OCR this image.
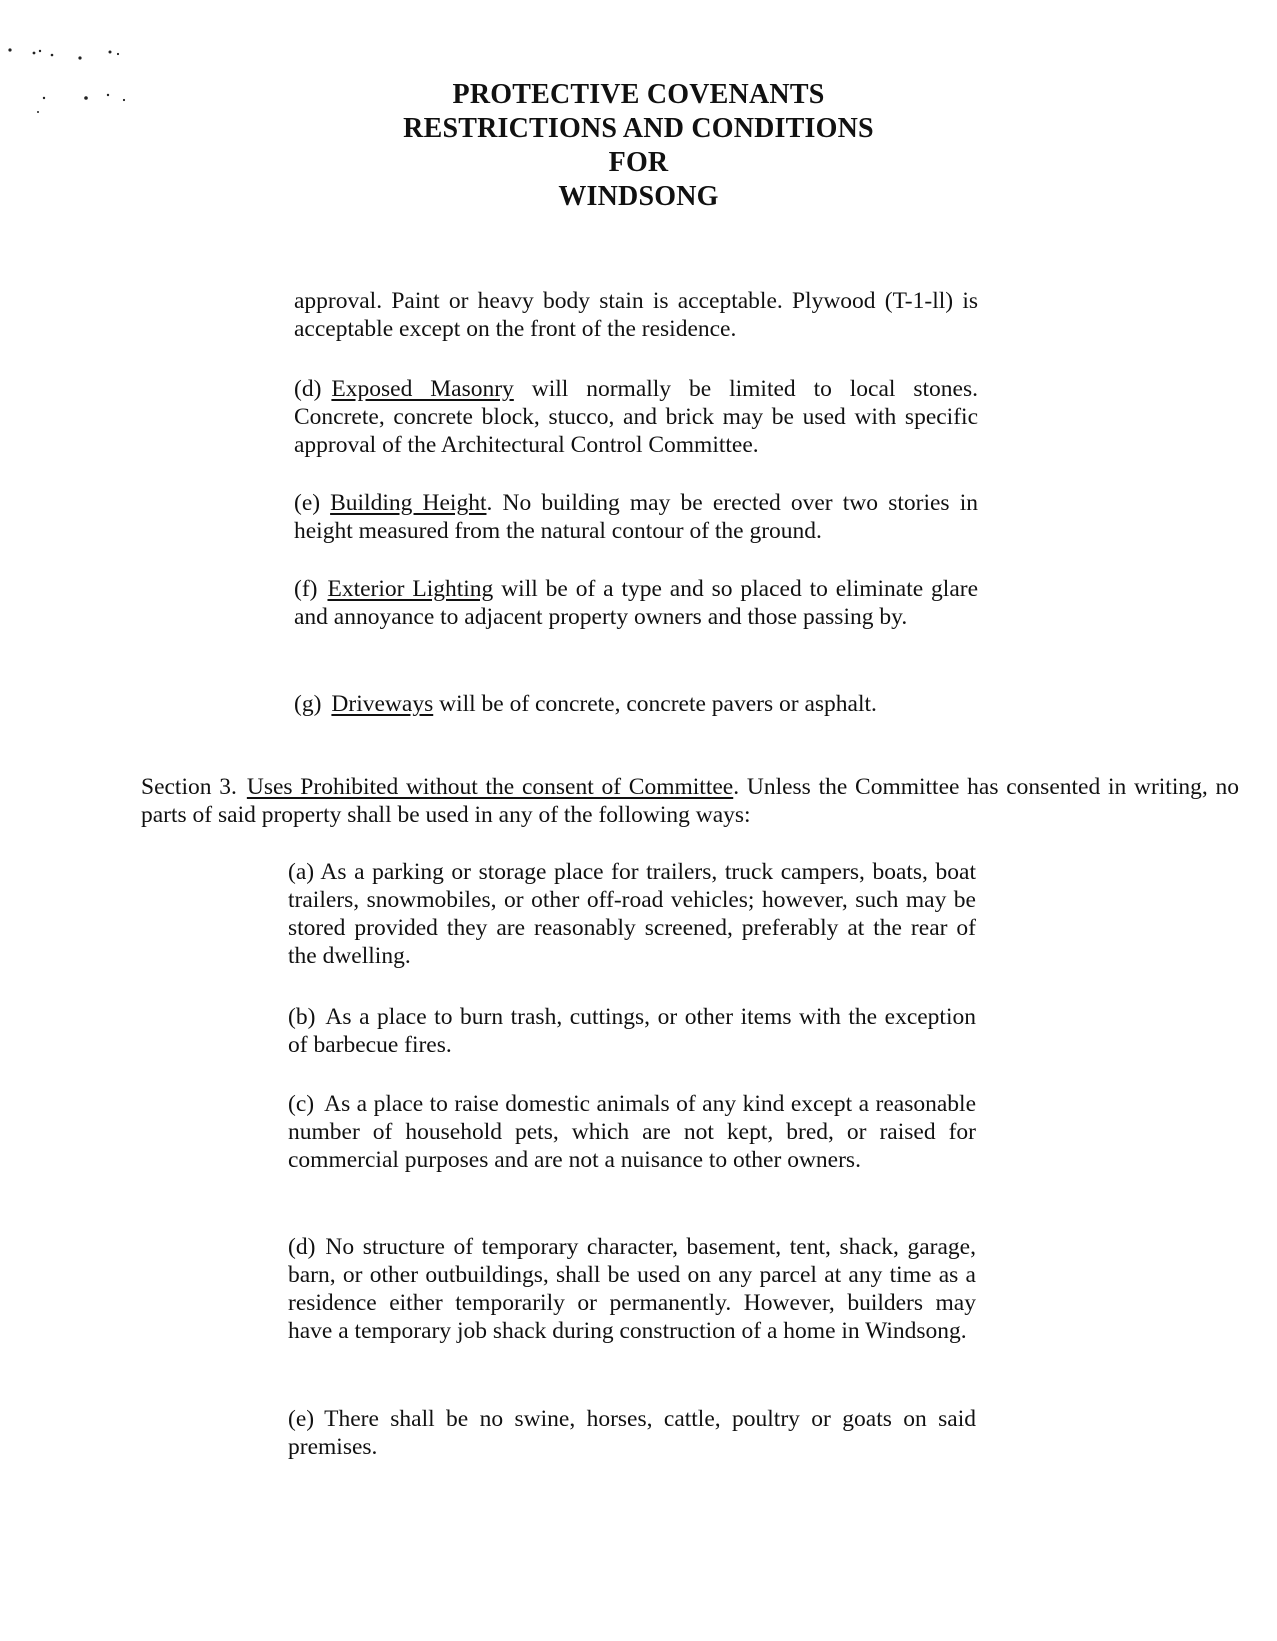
PROTECTIVE COVENANTS
RESTRICTIONS AND CONDITIONS
FOR
WINDSONG
approval. Paint or heavy body stain is acceptable. Plywood (T-1-ll) is acceptable except on the front of the residence.
(d) Exposed Masonry will normally be limited to local stones. Concrete, concrete block, stucco, and brick may be used with specific approval of the Architectural Control Committee.
(e) Building Height. No building may be erected over two stories in height measured from the natural contour of the ground.
(f) Exterior Lighting will be of a type and so placed to eliminate glare and annoyance to adjacent property owners and those passing by.
(g) Driveways will be of concrete, concrete pavers or asphalt.
Section 3. Uses Prohibited without the consent of Committee. Unless the Committee has consented in writing, no parts of said property shall be used in any of the following ways:
(a) As a parking or storage place for trailers, truck campers, boats, boat trailers, snowmobiles, or other off-road vehicles; however, such may be stored provided they are reasonably screened, preferably at the rear of the dwelling.
(b) As a place to burn trash, cuttings, or other items with the exception of barbecue fires.
(c) As a place to raise domestic animals of any kind except a reasonable number of household pets, which are not kept, bred, or raised for commercial purposes and are not a nuisance to other owners.
(d) No structure of temporary character, basement, tent, shack, garage, barn, or other outbuildings, shall be used on any parcel at any time as a residence either temporarily or permanently. However, builders may have a temporary job shack during construction of a home in Windsong.
(e) There shall be no swine, horses, cattle, poultry or goats on said premises.
